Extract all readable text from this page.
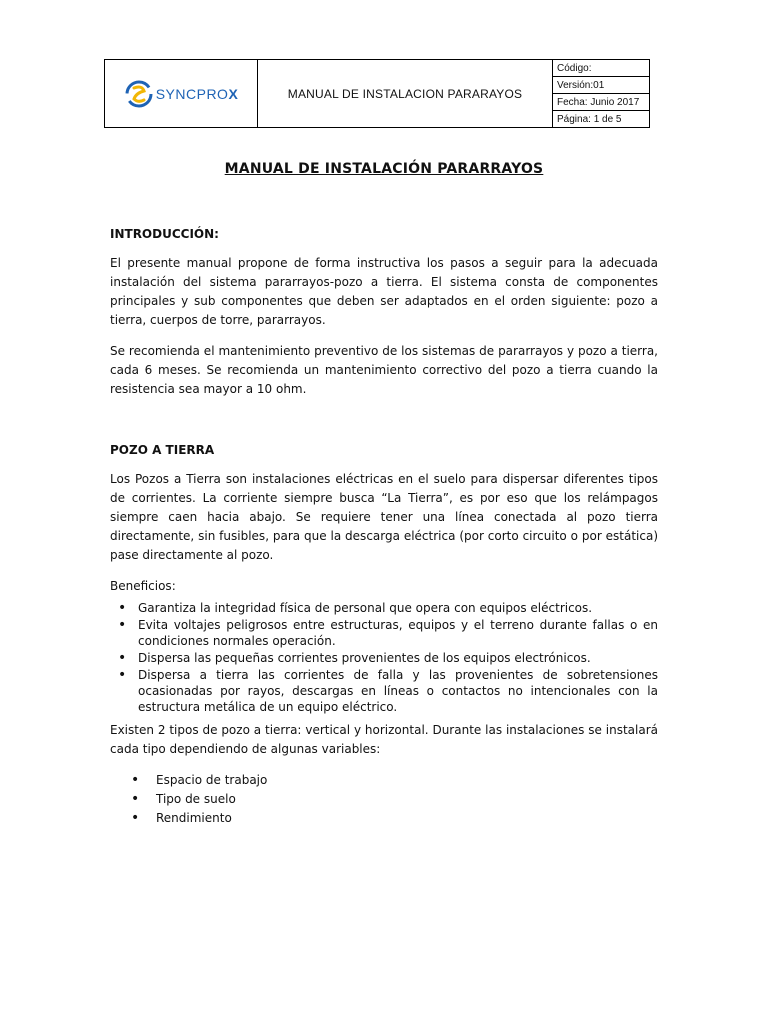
SYNCPROX	MANUAL DE INSTALACION PARARAYOS
Código:
Versión:01
Fecha: Junio 2017
Página: 1 de 5
MANUAL DE INSTALACIÓN PARARRAYOS
INTRODUCCIÓN:

El presente manual propone de forma instructiva los pasos a seguir para la adecuada instalación del sistema pararrayos-pozo a tierra. El sistema consta de componentes principales y sub componentes que deben ser adaptados en el orden siguiente: pozo a tierra, cuerpos de torre, pararrayos.

Se recomienda el mantenimiento preventivo de los sistemas de pararrayos y pozo a tierra, cada 6 meses. Se recomienda un mantenimiento correctivo del pozo a tierra cuando la resistencia sea mayor a 10 ohm.

POZO A TIERRA

Los Pozos a Tierra son instalaciones eléctricas en el suelo para dispersar diferentes tipos de corrientes. La corriente siempre busca “La Tierra”, es por eso que los relámpagos siempre caen hacia abajo. Se requiere tener una línea conectada al pozo tierra directamente, sin fusibles, para que la descarga eléctrica (por corto circuito o por estática) pase directamente al pozo.

Beneficios:
• Garantiza la integridad física de personal que opera con equipos eléctricos.
• Evita voltajes peligrosos entre estructuras, equipos y el terreno durante fallas o en condiciones normales operación.
• Dispersa las pequeñas corrientes provenientes de los equipos electrónicos.
• Dispersa a tierra las corrientes de falla y las provenientes de sobretensiones ocasionadas por rayos, descargas en líneas o contactos no intencionales con la estructura metálica de un equipo eléctrico.

Existen 2 tipos de pozo a tierra: vertical y horizontal. Durante las instalaciones se instalará cada tipo dependiendo de algunas variables:

• Espacio de trabajo
• Tipo de suelo
• Rendimiento
